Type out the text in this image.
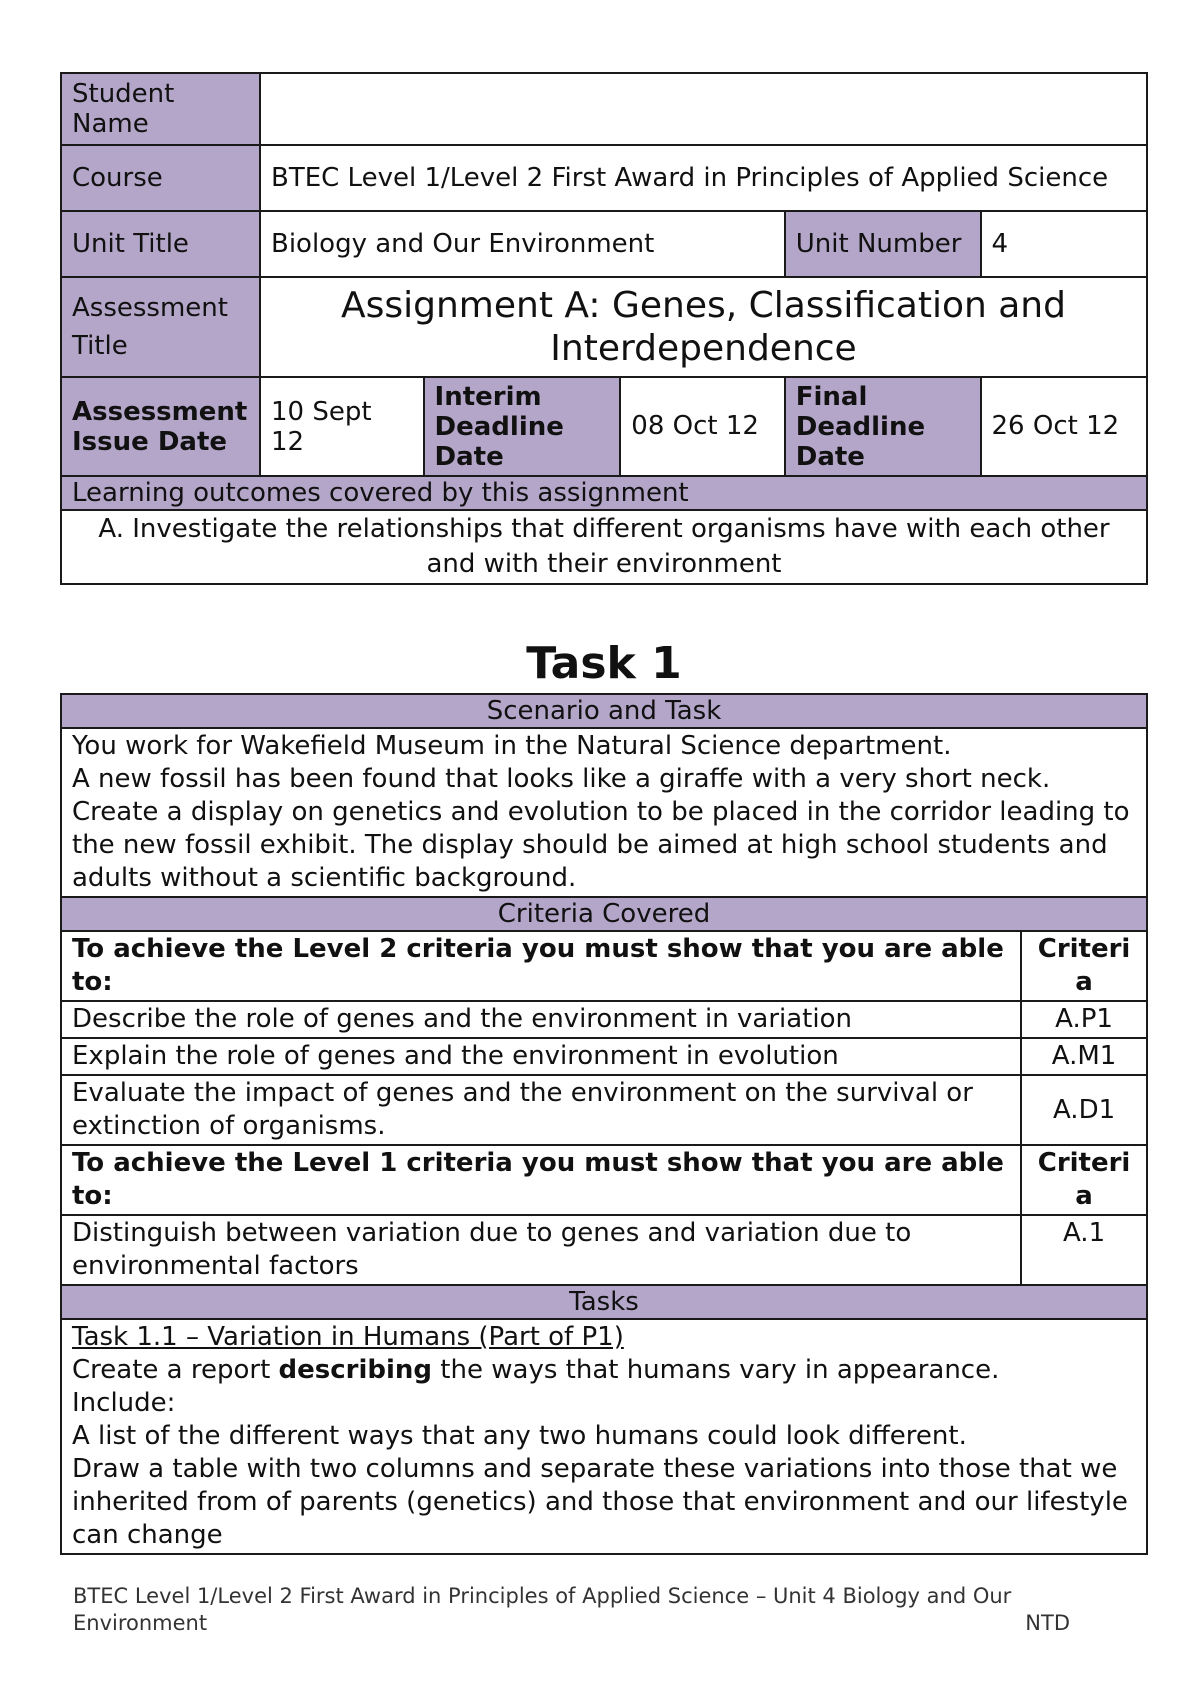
Student Name					
Course	BTEC Level 1/Level 2 First Award in Principles of Applied Science				
Unit Title	Biology and Our Environment			Unit Number	4
Assessment Title	Assignment A: Genes, Classification and Interdependence				
Assessment Issue Date	10 Sept 12	Interim Deadline Date	08 Oct 12	Final Deadline Date	26 Oct 12
Learning outcomes covered by this assignment					
A. Investigate the relationships that different organisms have with each other and with their environment					
Task 1
Scenario and Task	

You work for Wakefield Museum in the Natural Science department.

A new fossil has been found that looks like a giraffe with a very short neck.

Create a display on genetics and evolution to be placed in the corridor leading to the new fossil exhibit. The display should be aimed at high school students and adults without a scientific background.	

Criteria Covered	
To achieve the Level 2 criteria you must show that you are able to:	Criteria
Describe the role of genes and the environment in variation	A.P1
Explain the role of genes and the environment in evolution	A.M1
Evaluate the impact of genes and the environment on the survival or extinction of organisms.	A.D1
To achieve the Level 1 criteria you must show that you are able to:	Criteria
Distinguish between variation due to genes and variation due to environmental factors	A.1
Tasks	

Task 1.1 – Variation in Humans (Part of P1)

Create a report describing the ways that humans vary in appearance.

Include:

A list of the different ways that any two humans could look different.

Draw a table with two columns and separate these variations into those that we inherited from of parents (genetics) and those that environment and our lifestyle can change	

BTEC Level 1/Level 2 First Award in Principles of Applied Science – Unit 4 Biology and Our Environment	NTD
